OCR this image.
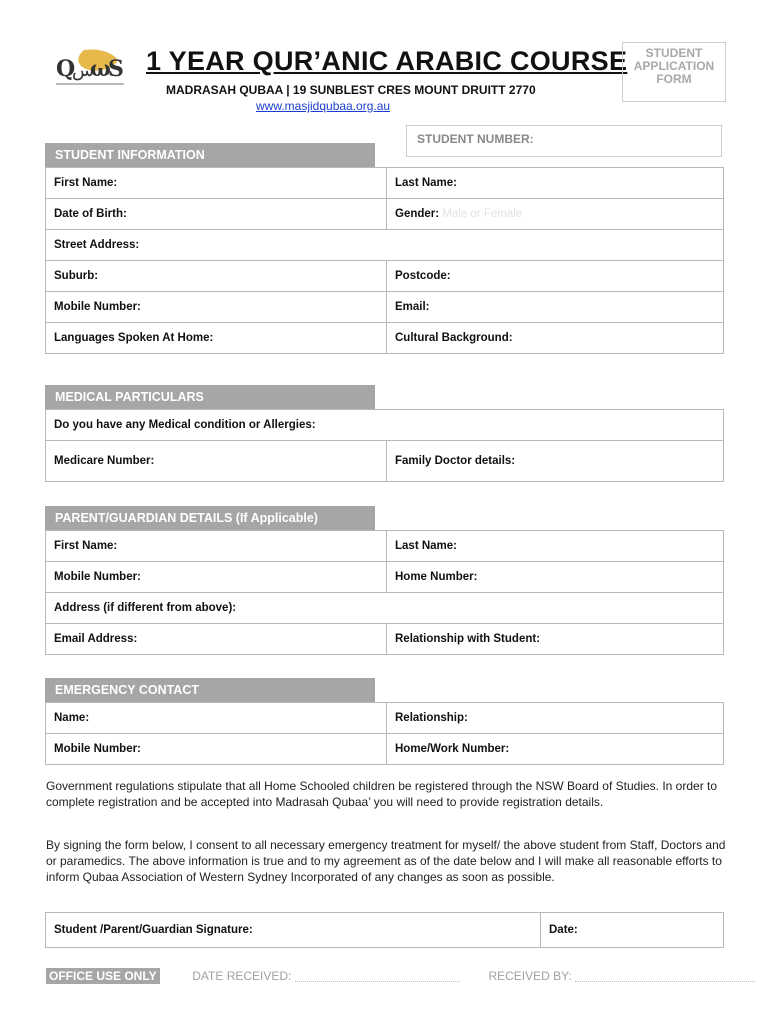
Q
س
ω
S 1 YEAR QUR’ANIC ARABIC COURSE
MADRASAH QUBAA | 19 SUNBLEST CRES MOUNT DRUITT 2770
www.masjidqubaa.org.au
STUDENT
APPLICATION
FORM
STUDENT NUMBER:
STUDENT INFORMATION
First Name:	Last Name:
Date of Birth:	Gender: Male or Female
Street Address:	
Suburb:	Postcode:
Mobile Number:	Email:
Languages Spoken At Home:	Cultural Background:
MEDICAL PARTICULARS
Do you have any Medical condition or Allergies:
Medicare Number:	Family Doctor details:
PARENT/GUARDIAN DETAILS (If Applicable)
First Name:	Last Name:
Mobile Number:	Home Number:
Address (if different from above):	
Email Address:	Relationship with Student:
EMERGENCY CONTACT
Name:	Relationship:
Mobile Number:	Home/Work Number:
Government regulations stipulate that all Home Schooled children be registered through the NSW Board of Studies. In order to complete registration and be accepted into Madrasah Qubaa’ you will need to provide registration details.
By signing the form below, I consent to all necessary emergency treatment for myself/ the above student from Staff, Doctors and or paramedics. The above information is true and to my agreement as of the date below and I will make all reasonable efforts to inform Qubaa Association of Western Sydney Incorporated of any changes as soon as possible.
Student /Parent/Guardian Signature:	Date:
OFFICE USE ONLY	DATE RECEIVED:	RECEIVED BY:
